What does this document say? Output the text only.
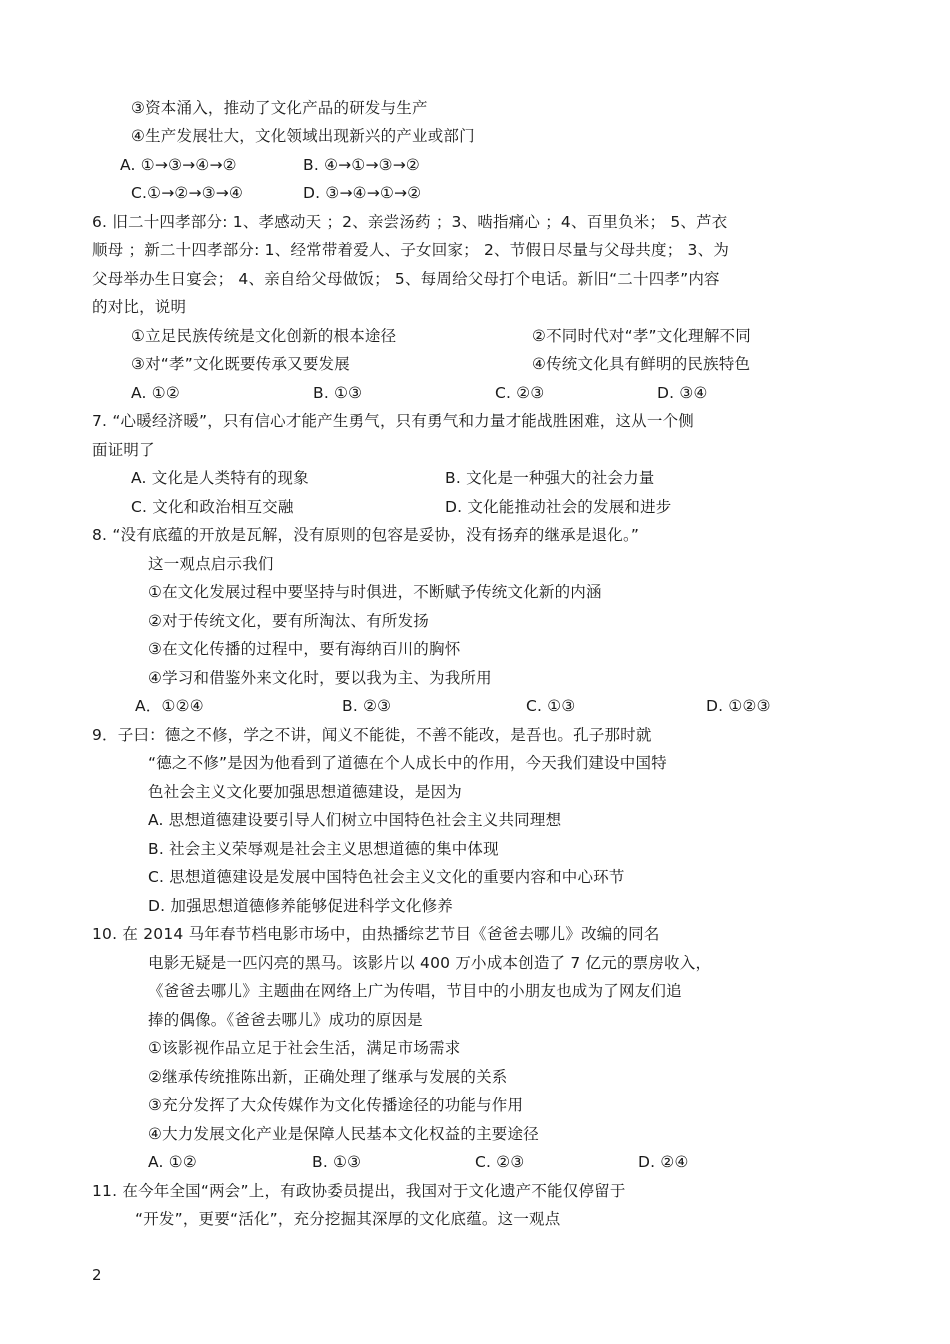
③资本涌入，推动了文化产品的研发与生产
④生产发展壮大，文化领域出现新兴的产业或部门
A. ①→③→④→②	B. ④→①→③→②
C.①→②→③→④	D. ③→④→①→②
6. 旧二十四孝部分: 1、孝感动天 ；2、亲尝汤药 ；3、啮指痛心 ；4、百里负米； 5、芦衣
顺母 ；新二十四孝部分: 1、经常带着爱人、子女回家； 2、节假日尽量与父母共度； 3、为
父母举办生日宴会； 4、亲自给父母做饭； 5、每周给父母打个电话。新旧“二十四孝”内容
的对比，说明
①立足民族传统是文化创新的根本途径	②不同时代对“孝”文化理解不同
③对“孝”文化既要传承又要发展	④传统文化具有鲜明的民族特色
A. ①②	B. ①③	C. ②③	D. ③④
7. “心暖经济暖”，只有信心才能产生勇气，只有勇气和力量才能战胜困难，这从一个侧
面证明了
A. 文化是人类特有的现象	B. 文化是一种强大的社会力量
C. 文化和政治相互交融	D. 文化能推动社会的发展和进步
8. “没有底蕴的开放是瓦解，没有原则的包容是妥协，没有扬弃的继承是退化。”
这一观点启示我们
①在文化发展过程中要坚持与时俱进，不断赋予传统文化新的内涵
②对于传统文化，要有所淘汰、有所发扬
③在文化传播的过程中，要有海纳百川的胸怀
④学习和借鉴外来文化时，要以我为主、为我所用
A．①②④	B. ②③	C. ①③	D. ①②③
9．子曰：德之不修，学之不讲，闻义不能徙，不善不能改，是吾也。孔子那时就
“德之不修”是因为他看到了道德在个人成长中的作用，今天我们建设中国特
色社会主义文化要加强思想道德建设，是因为
A. 思想道德建设要引导人们树立中国特色社会主义共同理想
B. 社会主义荣辱观是社会主义思想道德的集中体现
C. 思想道德建设是发展中国特色社会主义文化的重要内容和中心环节
D. 加强思想道德修养能够促进科学文化修养
10. 在 2014 马年春节档电影市场中，由热播综艺节目《爸爸去哪儿》改编的同名
电影无疑是一匹闪亮的黑马。该影片以 400 万小成本创造了 7 亿元的票房收入，
《爸爸去哪儿》主题曲在网络上广为传唱，节目中的小朋友也成为了网友们追
捧的偶像。《爸爸去哪儿》成功的原因是
①该影视作品立足于社会生活，满足市场需求
②继承传统推陈出新，正确处理了继承与发展的关系
③充分发挥了大众传媒作为文化传播途径的功能与作用
④大力发展文化产业是保障人民基本文化权益的主要途径
A. ①②	B. ①③	C. ②③	D. ②④
11. 在今年全国“两会”上，有政协委员提出，我国对于文化遗产不能仅停留于
“开发”，更要“活化”，充分挖掘其深厚的文化底蕴。这一观点
2
